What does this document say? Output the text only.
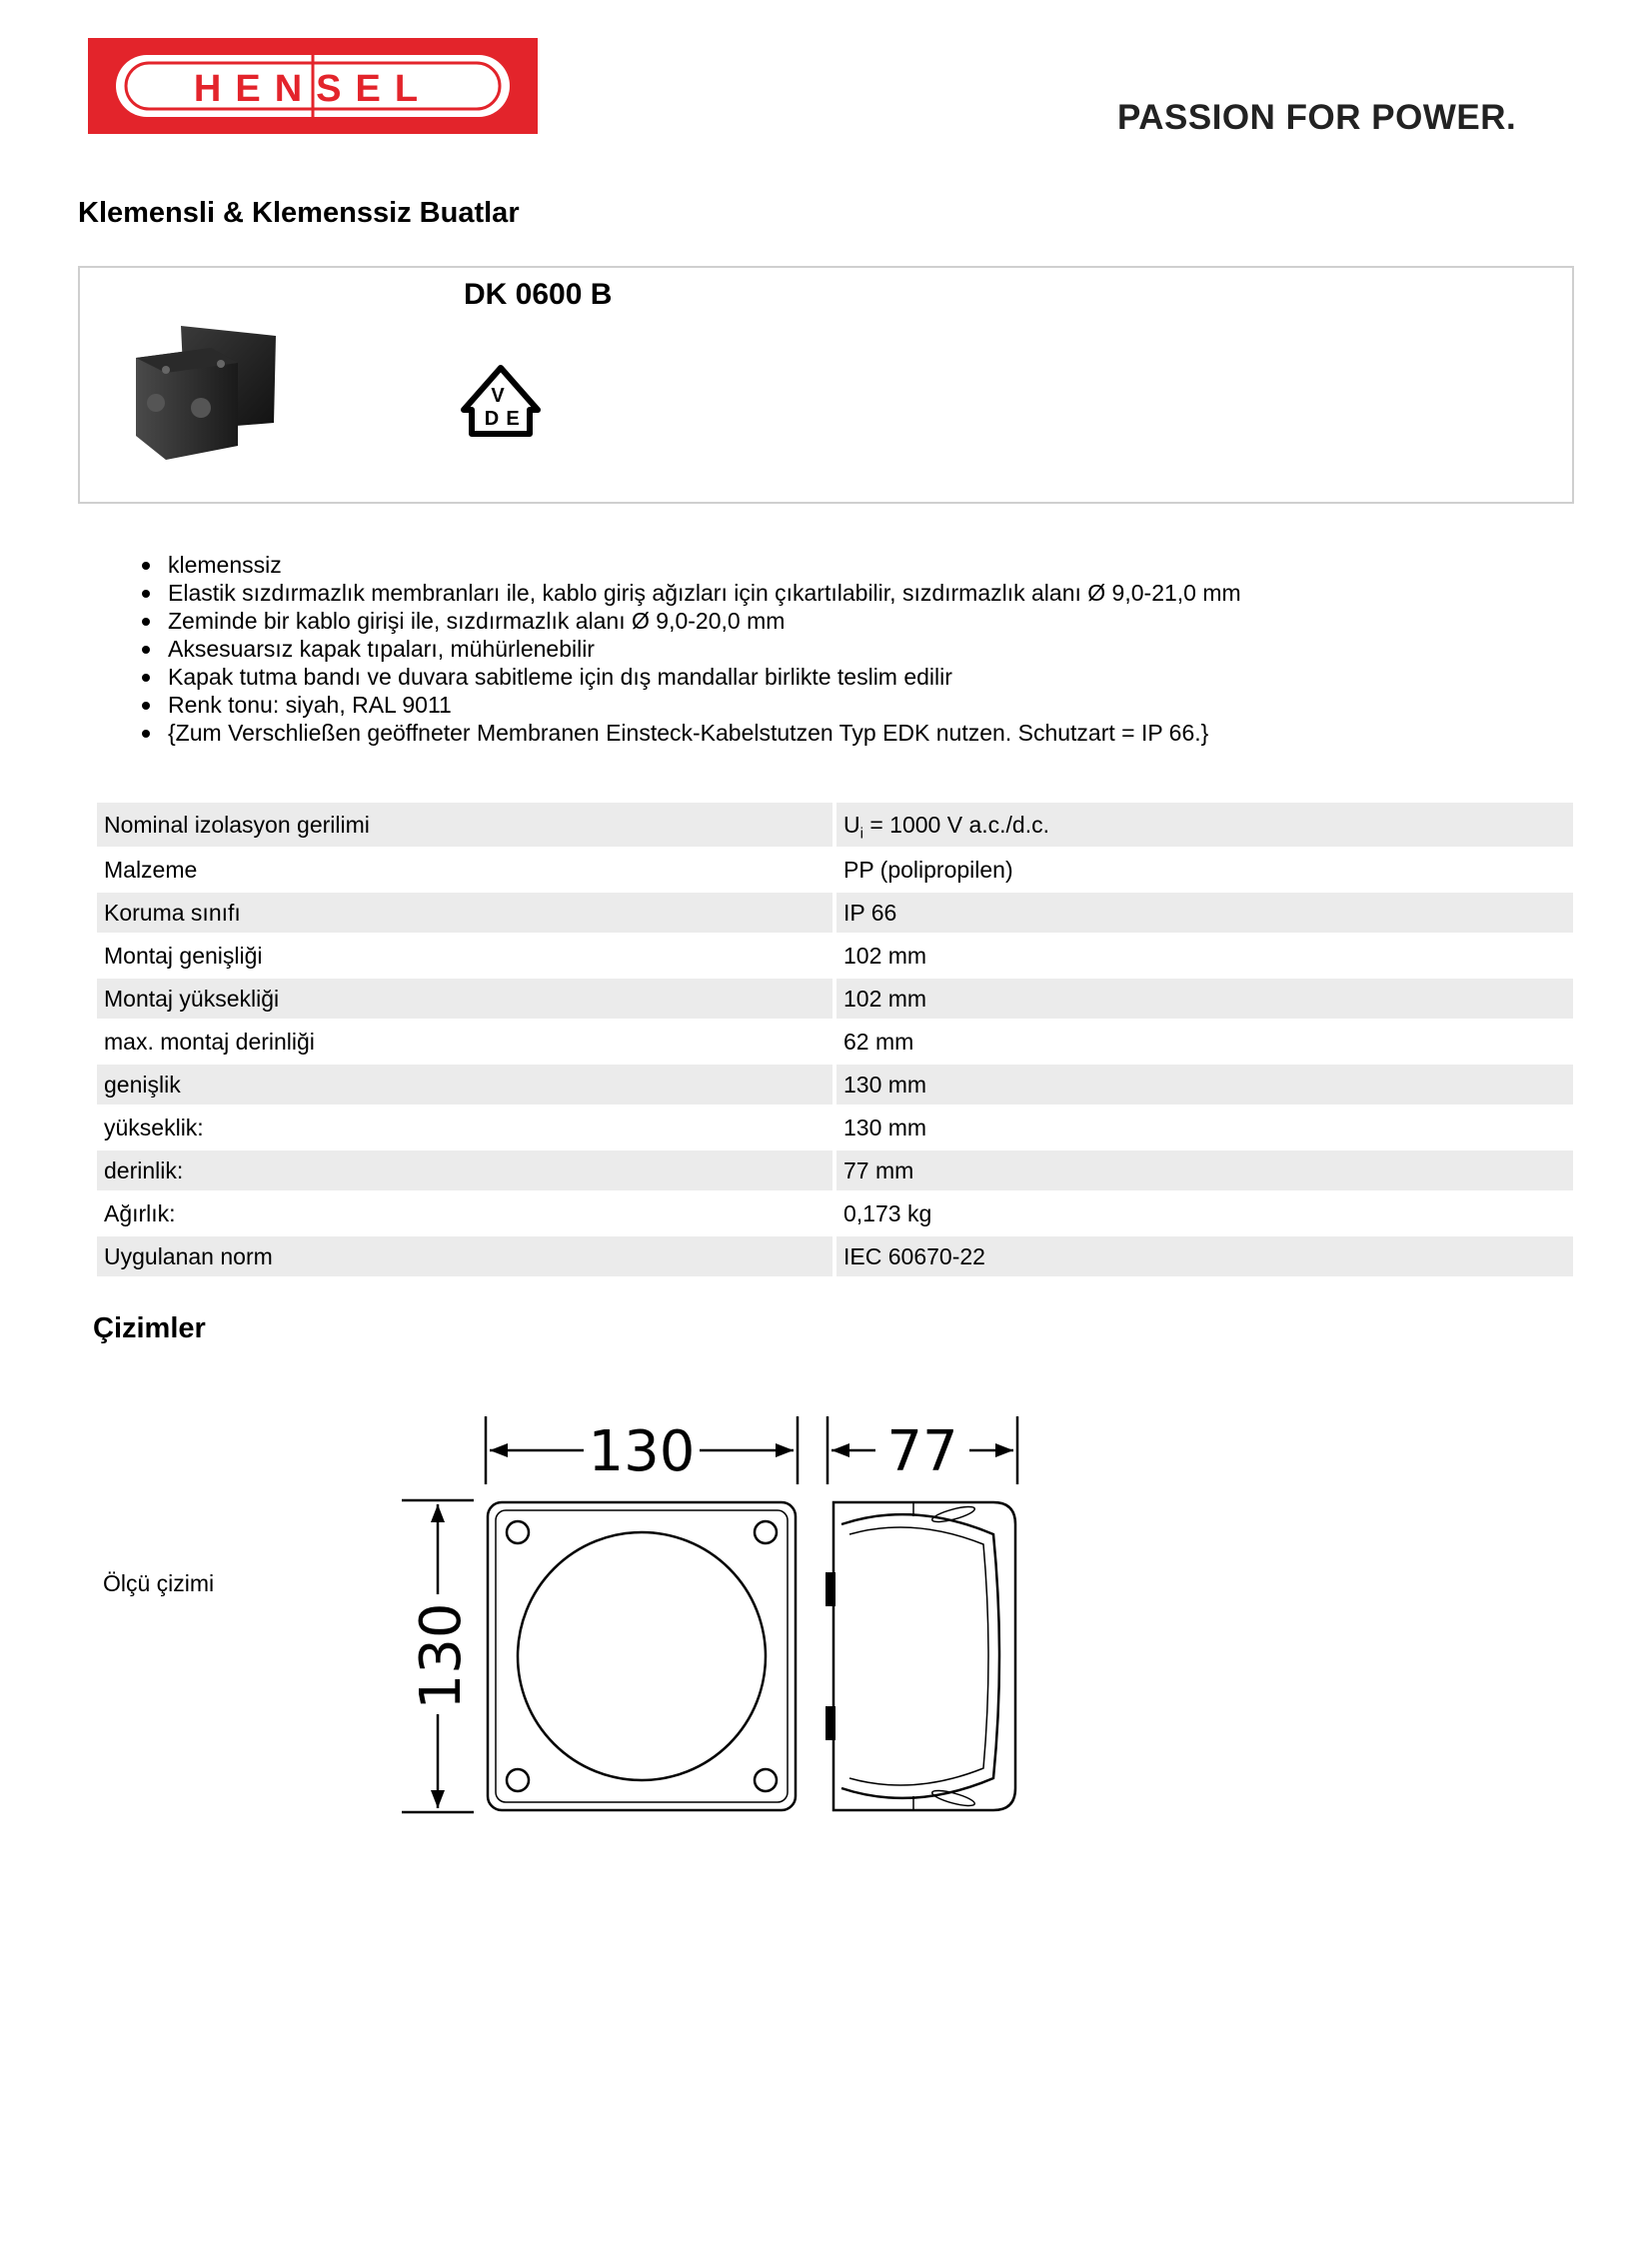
HENSEL
PASSION FOR POWER.
Klemensli & Klemenssiz Buatlar
DK 0600 B
V
D E
klemenssiz
Elastik sızdırmazlık membranları ile, kablo giriş ağızları için çıkartılabilir, sızdırmazlık alanı Ø 9,0-21,0 mm
Zeminde bir kablo girişi ile, sızdırmazlık alanı Ø 9,0-20,0 mm
Aksesuarsız kapak tıpaları, mühürlenebilir
Kapak tutma bandı ve duvara sabitleme için dış mandallar birlikte teslim edilir
Renk tonu: siyah, RAL 9011
{Zum Verschließen geöffneter Membranen Einsteck-Kabelstutzen Typ EDK nutzen. Schutzart = IP 66.}
Nominal izolasyon gerilimi	$U_i = 1000$ V a.c./d.c.
Malzeme	PP (polipropilen)
Koruma sınıfı	IP 66
Montaj genişliği	102 mm
Montaj yüksekliği	102 mm
max. montaj derinliği	62 mm
genişlik	130 mm
yükseklik:	130 mm
derinlik:	77 mm
Ağırlık:	0,173 kg
Uygulanan norm	IEC 60670-22
Çizimler
Ölçü çizimi
130	77
130
